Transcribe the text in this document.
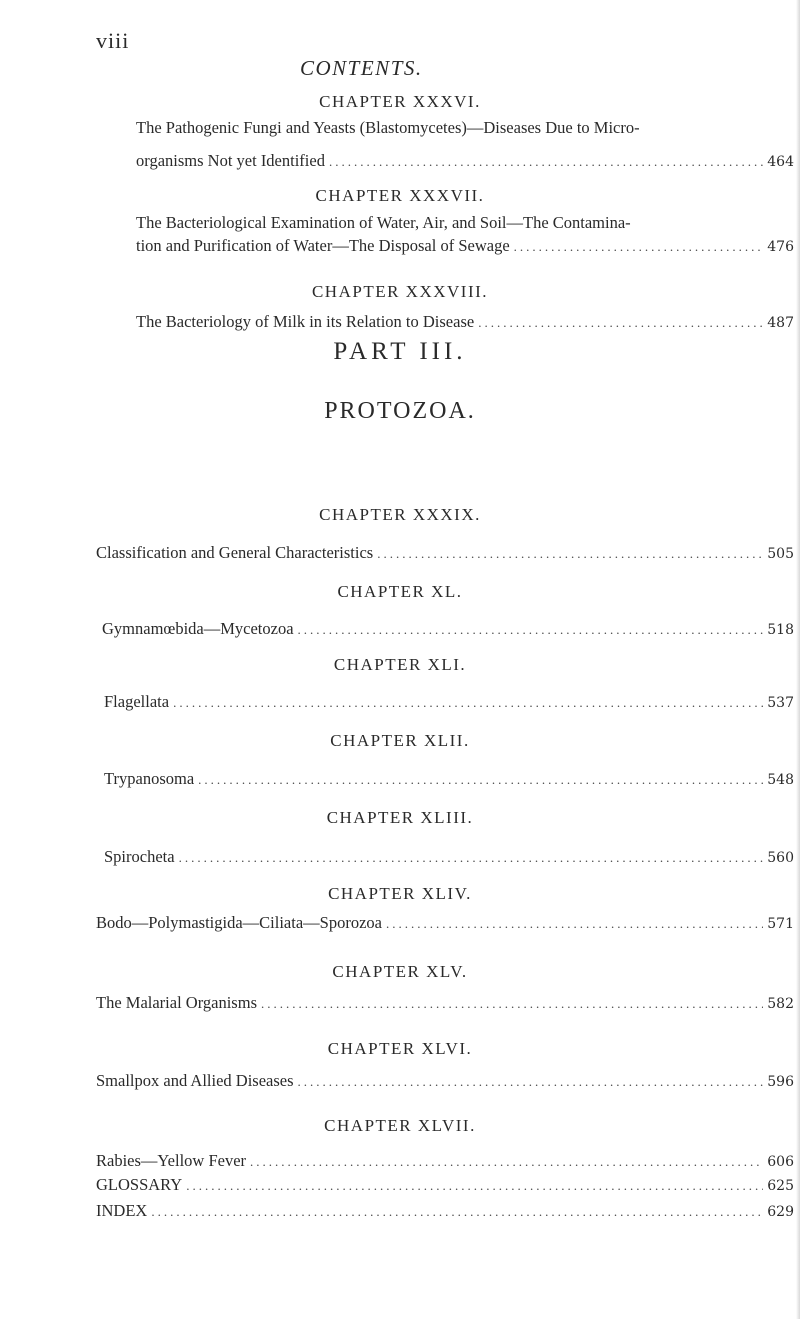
viii
CONTENTS.
CHAPTER XXXVI.
The Pathogenic Fungi and Yeasts (Blastomycetes)—Diseases Due to Micro-
organisms Not yet Identified .....	464
CHAPTER XXXVII.
The Bacteriological Examination of Water, Air, and Soil—The Contamina-
tion and Purification of Water—The Disposal of Sewage .....	476
CHAPTER XXXVIII.
The Bacteriology of Milk in its Relation to Disease .....	487
PART III.
PROTOZOA.
CHAPTER XXXIX.
Classification and General Characteristics .....	505
CHAPTER XL.
Gymnamœbida—Mycetozoa .....	518
CHAPTER XLI.
Flagellata .....	537
CHAPTER XLII.
Trypanosoma .....	548
CHAPTER XLIII.
Spirocheta .....	560
CHAPTER XLIV.
Bodo—Polymastigida—Ciliata—Sporozoa .....	571
CHAPTER XLV.
The Malarial Organisms .....	582
CHAPTER XLVI.
Smallpox and Allied Diseases .....	596
CHAPTER XLVII.
Rabies—Yellow Fever .....	606
GLOSSARY .....	625
INDEX .....	629
